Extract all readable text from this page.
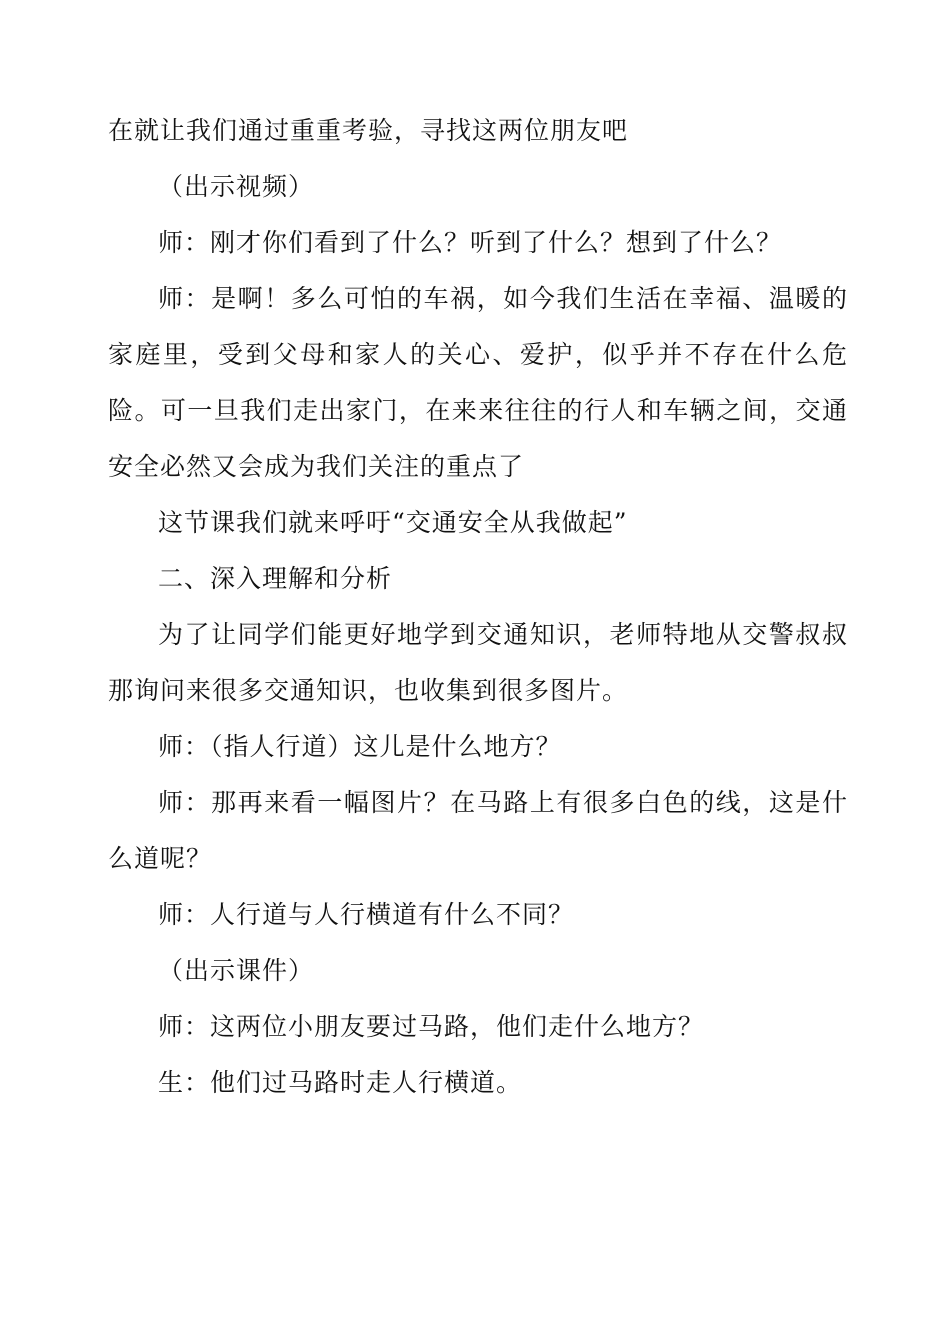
在就让我们通过重重考验，寻找这两位朋友吧

（出示视频）

师：刚才你们看到了什么？听到了什么？想到了什么？

师：是啊！多么可怕的车祸，如今我们生活在幸福、温暖的家庭里，受到父母和家人的关心、爱护，似乎并不存在什么危险。可一旦我们走出家门，在来来往往的行人和车辆之间，交通安全必然又会成为我们关注的重点了

这节课我们就来呼吁“交通安全从我做起”

二、深入理解和分析

为了让同学们能更好地学到交通知识，老师特地从交警叔叔那询问来很多交通知识，也收集到很多图片。

师：（指人行道）这儿是什么地方？

师：那再来看一幅图片？在马路上有很多白色的线，这是什么道呢？

师：人行道与人行横道有什么不同？

（出示课件）

师：这两位小朋友要过马路，他们走什么地方？

生：他们过马路时走人行横道。
